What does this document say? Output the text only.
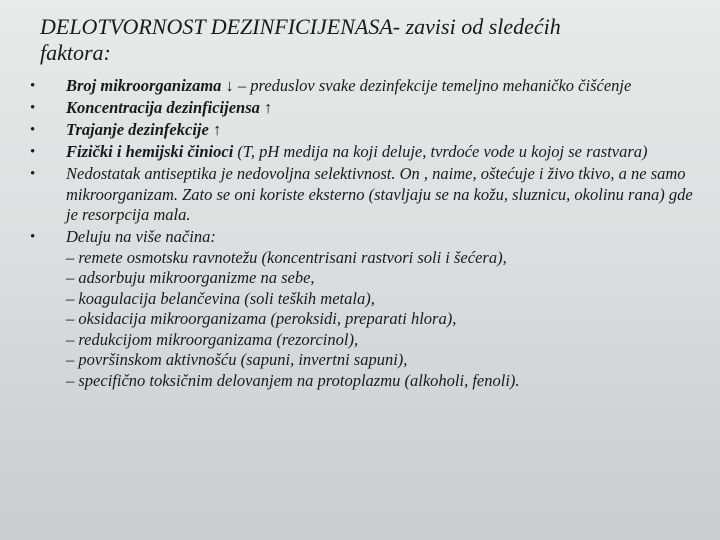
DELOTVORNOST DEZINFICIJENASA- zavisi od sledećih
faktora:
• Broj mikroorganizama ↓ – preduslov svake dezinfekcije temeljno mehaničko čišćenje
• Koncentracija dezinficijensa ↑
• Trajanje dezinfekcije ↑
• Fizički i hemijski činioci (T, pH medija na koji deluje, tvrdoće vode u kojoj se rastvara)
• Nedostatak antiseptika je nedovoljna selektivnost. On , naime, oštećuje i živo tkivo, a ne samo mikroorganizam. Zato se oni koriste eksterno (stavljaju se na kožu, sluznicu, okolinu rana) gde je resorpcija mala.
• Deluju na više načina:
– remete osmotsku ravnotežu (koncentrisani rastvori soli i šećera),
– adsorbuju mikroorganizme na sebe,
– koagulacija belančevina (soli teških metala),
– oksidacija mikroorganizama (peroksidi, preparati hlora),
– redukcijom mikroorganizama (rezorcinol),
– površinskom aktivnošću (sapuni, invertni sapuni),
– specifično toksičnim delovanjem na protoplazmu (alkoholi, fenoli).
